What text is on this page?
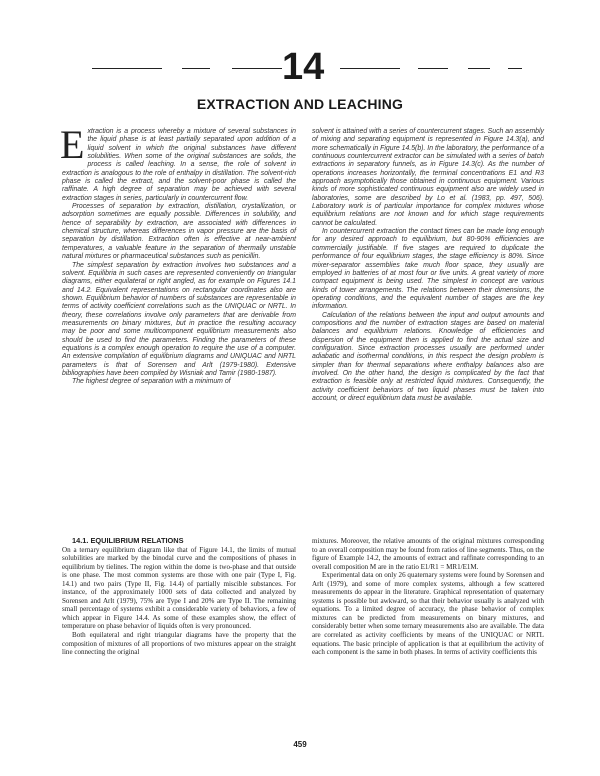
14
EXTRACTION AND LEACHING

Extraction is a process whereby a mixture of several substances in the liquid phase is at least partially separated upon addition of a liquid solvent in which the original substances have different solubilities. When some of the original substances are solids, the process is called leaching. In a sense, the role of solvent in extraction is analogous to the role of enthalpy in distillation. The solvent-rich phase is called the extract, and the solvent-poor phase is called the raffinate. A high degree of separation may be achieved with several extraction stages in series, particularly in countercurrent flow.

Processes of separation by extraction, distillation, crystallization, or adsorption sometimes are equally possible. Differences in solubility, and hence of separability by extraction, are associated with differences in chemical structure, whereas differences in vapor pressure are the basis of separation by distillation. Extraction often is effective at near-ambient temperatures, a valuable feature in the separation of thermally unstable natural mixtures or pharmaceutical substances such as penicillin.

The simplest separation by extraction involves two substances and a solvent. Equilibria in such cases are represented conveniently on triangular diagrams, either equilateral or right angled, as for example on Figures 14.1 and 14.2. Equivalent representations on rectangular coordinates also are shown. Equilibrium behavior of numbers of substances are representable in terms of activity coefficient correlations such as the UNIQUAC or NRTL. In theory, these correlations involve only parameters that are derivable from measurements on binary mixtures, but in practice the resulting accuracy may be poor and some multicomponent equilibrium measurements also should be used to find the parameters. Finding the parameters of these equations is a complex enough operation to require the use of a computer. An extensive compilation of equilibrium diagrams and UNIQUAC and NRTL parameters is that of Sorensen and Arlt (1979-1980). Extensive bibliographies have been compiled by Wisniak and Tamir (1980-1987).

The highest degree of separation with a minimum of

solvent is attained with a series of countercurrent stages. Such an assembly of mixing and separating equipment is represented in Figure 14.3(a), and more schematically in Figure 14.5(b). In the laboratory, the performance of a continuous countercurrent extractor can be simulated with a series of batch extractions in separatory funnels, as in Figure 14.3(c). As the number of operations increases horizontally, the terminal concentrations E1 and R3 approach asymptotically those obtained in continuous equipment. Various kinds of more sophisticated continuous equipment also are widely used in laboratories, some are described by Lo et al. (1983, pp. 497, 506). Laboratory work is of particular importance for complex mixtures whose equilibrium relations are not known and for which stage requirements cannot be calculated.

In countercurrent extraction the contact times can be made long enough for any desired approach to equilibrium, but 80-90% efficiencies are commercially justifiable. If five stages are required to duplicate the performance of four equilibrium stages, the stage efficiency is 80%. Since mixer-separator assemblies take much floor space, they usually are employed in batteries of at most four or five units. A great variety of more compact equipment is being used. The simplest in concept are various kinds of tower arrangements. The relations between their dimensions, the operating conditions, and the equivalent number of stages are the key information.

Calculation of the relations between the input and output amounts and compositions and the number of extraction stages are based on material balances and equilibrium relations. Knowledge of efficiencies and dispersion of the equipment then is applied to find the actual size and configuration. Since extraction processes usually are performed under adiabatic and isothermal conditions, in this respect the design problem is simpler than for thermal separations where enthalpy balances also are involved. On the other hand, the design is complicated by the fact that extraction is feasible only at restricted liquid mixtures. Consequently, the activity coefficient behaviors of two liquid phases must be taken into account, or direct equilibrium data must be available.

14.1. EQUILIBRIUM RELATIONS

On a ternary equilibrium diagram like that of Figure 14.1, the limits of mutual solubilities are marked by the binodal curve and the compositions of phases in equilibrium by tielines. The region within the dome is two-phase and that outside is one phase. The most common systems are those with one pair (Type I, Fig. 14.1) and two pairs (Type II, Fig. 14.4) of partially miscible substances. For instance, of the approximately 1000 sets of data collected and analyzed by Sorensen and Arlt (1979), 75% are Type I and 20% are Type II. The remaining small percentage of systems exhibit a considerable variety of behaviors, a few of which appear in Figure 14.4. As some of these examples show, the effect of temperature on phase behavior of liquids often is very pronounced.

Both equilateral and right triangular diagrams have the property that the composition of mixtures of all proportions of two mixtures appear on the straight line connecting the original

mixtures. Moreover, the relative amounts of the original mixtures corresponding to an overall composition may be found from ratios of line segments. Thus, on the figure of Example 14.2, the amounts of extract and raffinate corresponding to an overall composition M are in the ratio E1/R1 = MR1/E1M.

Experimental data on only 26 quaternary systems were found by Sorensen and Arlt (1979), and some of more complex systems, although a few scattered measurements do appear in the literature. Graphical representation of quaternary systems is possible but awkward, so that their behavior usually is analyzed with equations. To a limited degree of accuracy, the phase behavior of complex mixtures can be predicted from measurements on binary mixtures, and considerably better when some ternary measurements also are available. The data are correlated as activity coefficients by means of the UNIQUAC or NRTL equations. The basic principle of application is that at equilibrium the activity of each component is the same in both phases. In terms of activity coefficients this

459
